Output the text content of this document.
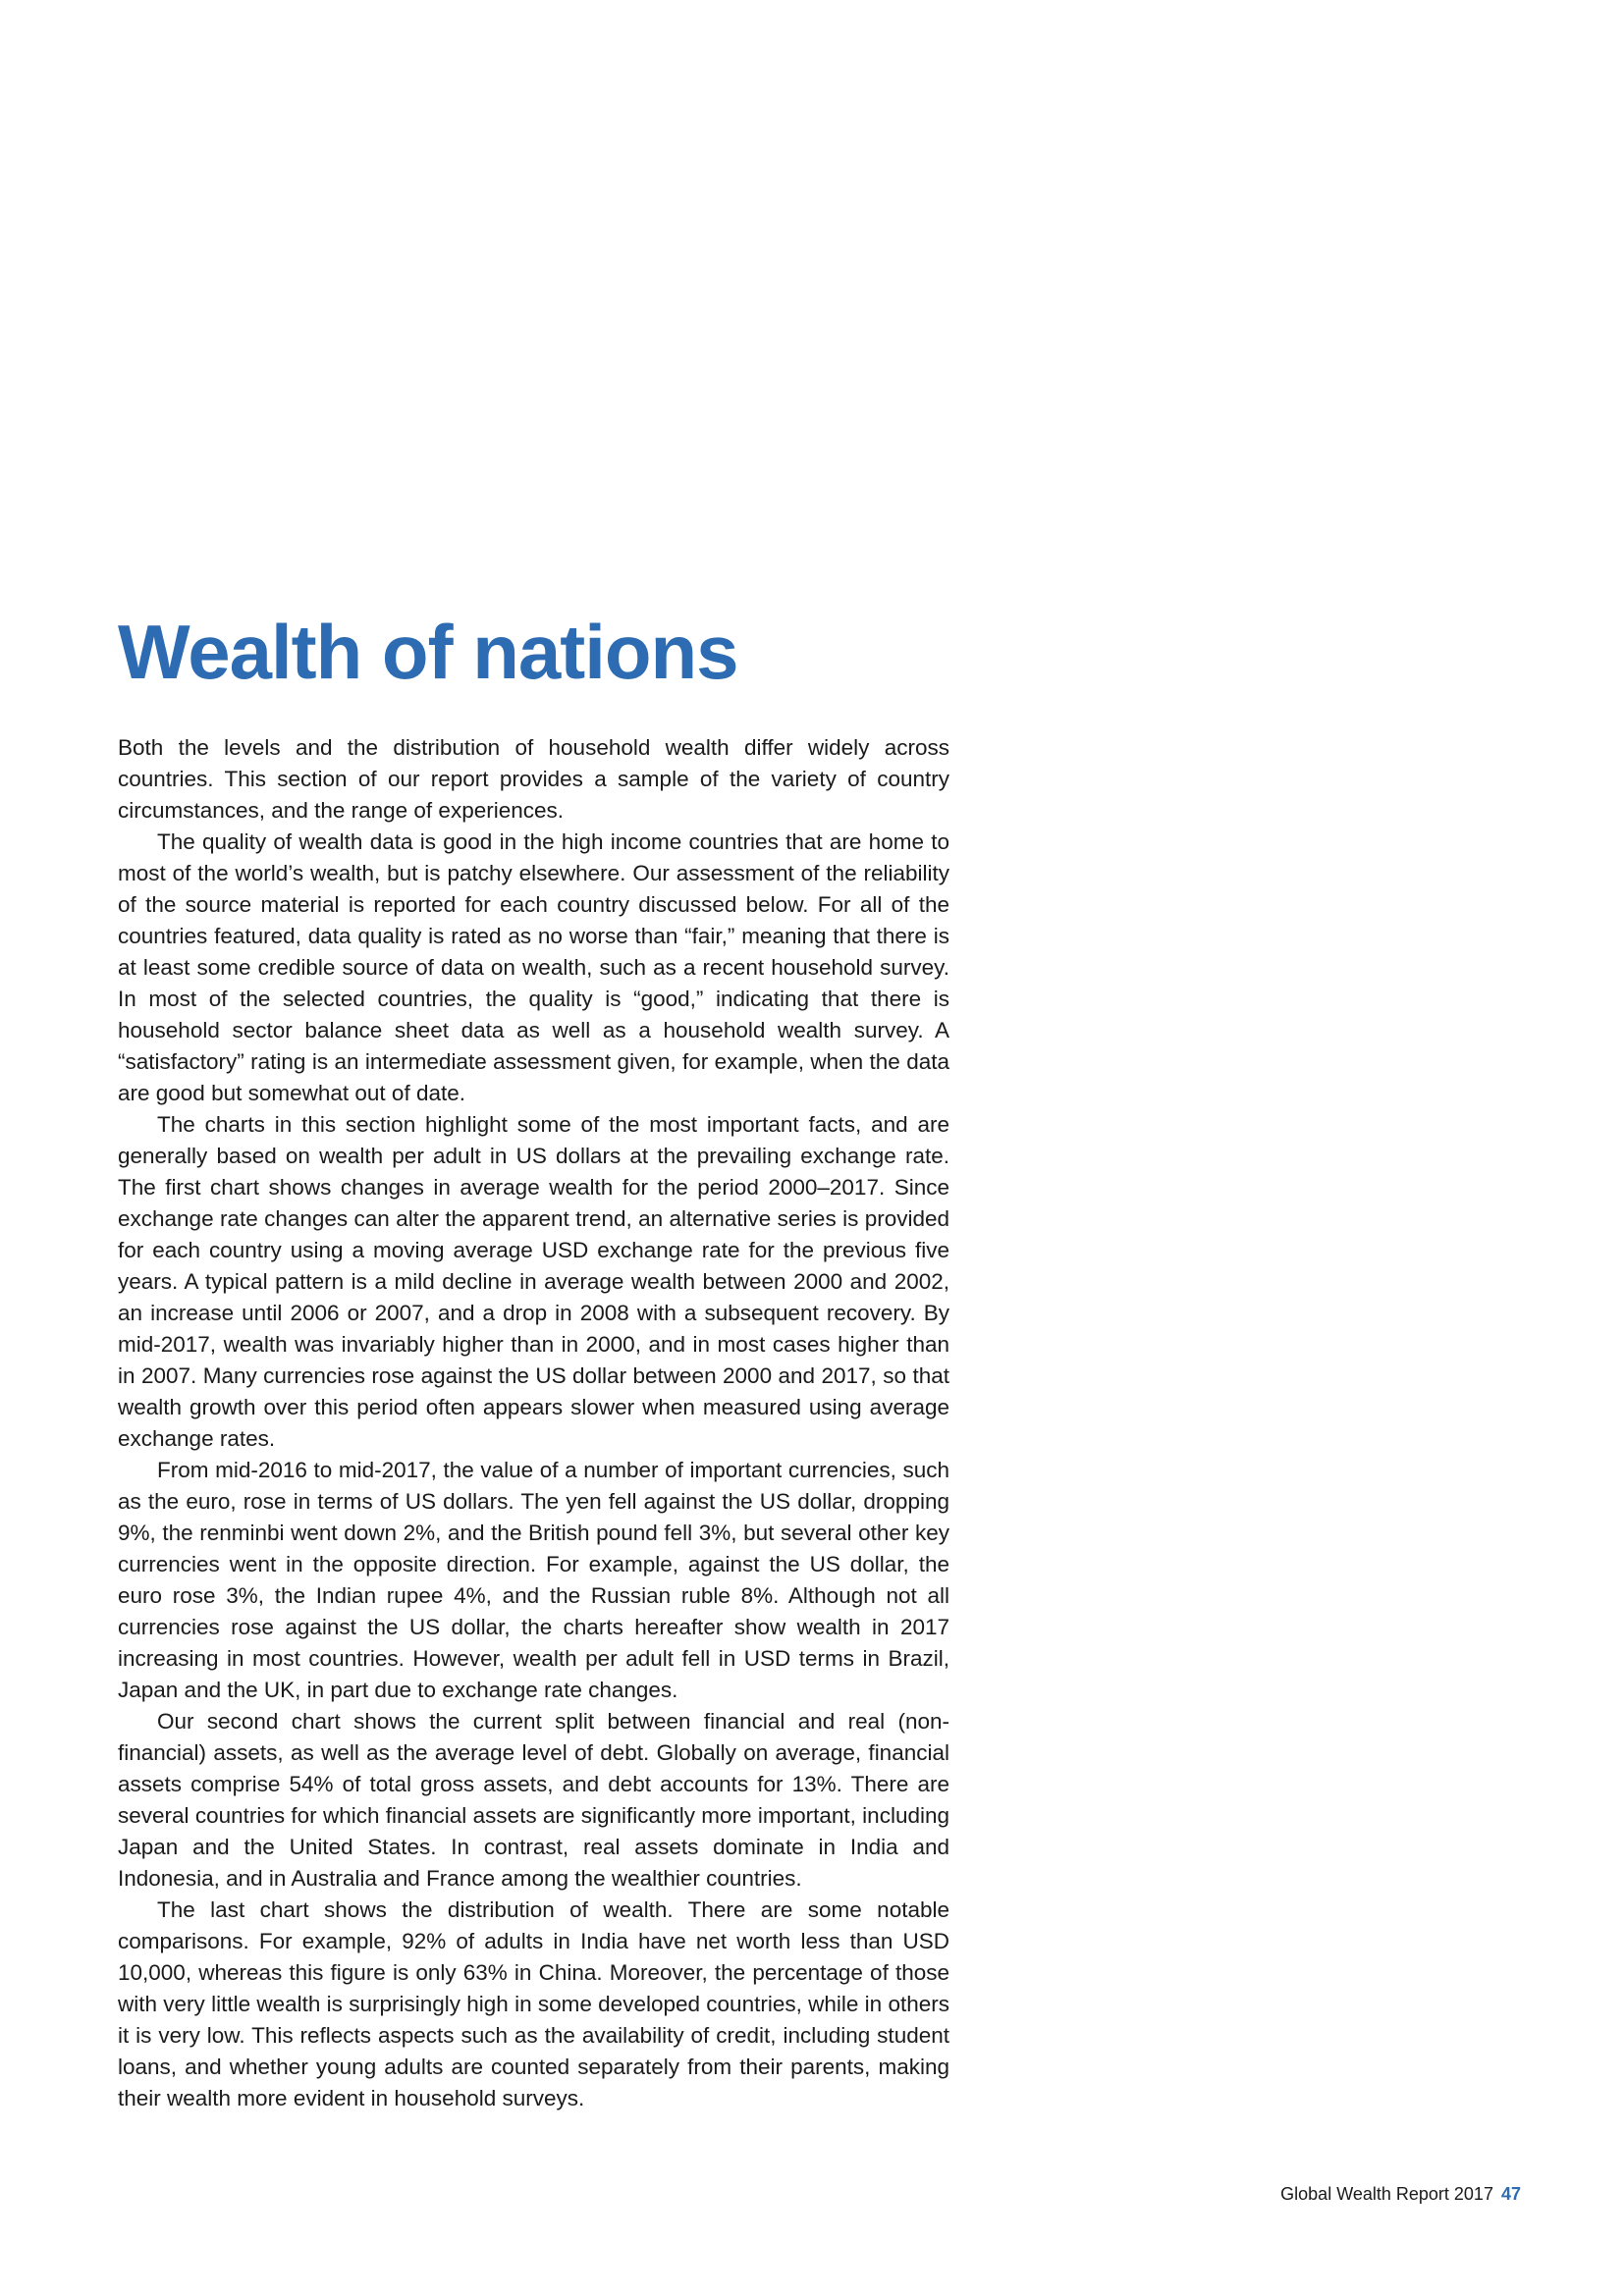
Wealth of nations

Both the levels and the distribution of household wealth differ widely across countries. This section of our report provides a sample of the variety of country circumstances, and the range of experiences.

The quality of wealth data is good in the high income countries that are home to most of the world’s wealth, but is patchy elsewhere. Our assessment of the reliability of the source material is reported for each country discussed below. For all of the countries featured, data quality is rated as no worse than “fair,” meaning that there is at least some credible source of data on wealth, such as a recent household survey. In most of the selected countries, the quality is “good,” indicating that there is household sector balance sheet data as well as a household wealth survey. A “satisfactory” rating is an intermediate assessment given, for example, when the data are good but somewhat out of date.

The charts in this section highlight some of the most important facts, and are generally based on wealth per adult in US dollars at the prevailing exchange rate. The first chart shows changes in average wealth for the period 2000–2017. Since exchange rate changes can alter the apparent trend, an alternative series is provided for each country using a moving average USD exchange rate for the previous five years. A typical pattern is a mild decline in average wealth between 2000 and 2002, an increase until 2006 or 2007, and a drop in 2008 with a subsequent recovery. By mid-2017, wealth was invariably higher than in 2000, and in most cases higher than in 2007. Many currencies rose against the US dollar between 2000 and 2017, so that wealth growth over this period often appears slower when measured using average exchange rates.

From mid-2016 to mid-2017, the value of a number of important currencies, such as the euro, rose in terms of US dollars. The yen fell against the US dollar, dropping 9%, the renminbi went down 2%, and the British pound fell 3%, but several other key currencies went in the opposite direction. For example, against the US dollar, the euro rose 3%, the Indian rupee 4%, and the Russian ruble 8%. Although not all currencies rose against the US dollar, the charts hereafter show wealth in 2017 increasing in most countries. However, wealth per adult fell in USD terms in Brazil, Japan and the UK, in part due to exchange rate changes.

Our second chart shows the current split between financial and real (non-financial) assets, as well as the average level of debt. Globally on average, financial assets comprise 54% of total gross assets, and debt accounts for 13%. There are several countries for which financial assets are significantly more important, including Japan and the United States. In contrast, real assets dominate in India and Indonesia, and in Australia and France among the wealthier countries.

The last chart shows the distribution of wealth. There are some notable comparisons. For example, 92% of adults in India have net worth less than USD 10,000, whereas this figure is only 63% in China. Moreover, the percentage of those with very little wealth is surprisingly high in some developed countries, while in others it is very low. This reflects aspects such as the availability of credit, including student loans, and whether young adults are counted separately from their parents, making their wealth more evident in household surveys.

Global Wealth Report 2017 47
